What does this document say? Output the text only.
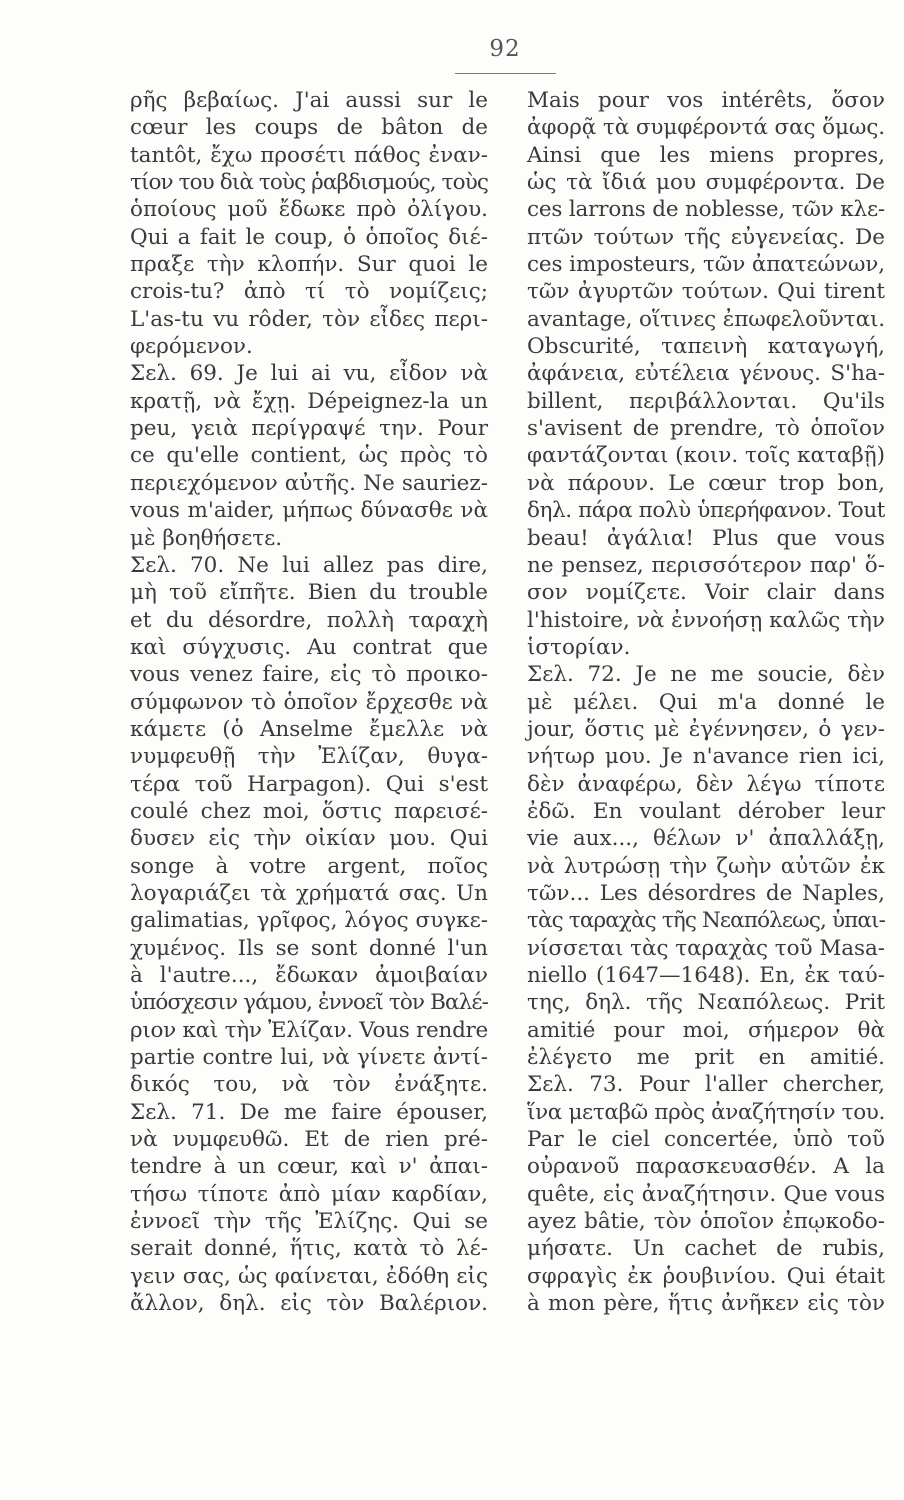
92
ρῆς βεβαίως. J'ai aussi sur le
cœur les coups de bâton de
tantôt, ἔχω προσέτι πάθος ἐναν-
τίον του διὰ τοὺς ῥαβδισμούς, τοὺς
ὁποίους μοῦ ἔδωκε πρὸ ὀλίγου.
Qui a fait le coup, ὁ ὁποῖος διέ-
πραξε τὴν κλοπήν. Sur quoi le
crois-tu? ἀπὸ τί τὸ νομίζεις;
L'as-tu vu rôder, τὸν εἶδες περι-
φερόμενον.
Σελ. 69. Je lui ai vu, εἶδον νὰ
κρατῇ, νὰ ἔχῃ. Dépeignez-la un
peu, γειὰ περίγραψέ την. Pour
ce qu'elle contient, ὡς πρὸς τὸ
περιεχόμενον αὐτῆς. Ne sauriez-
vous m'aider, μήπως δύνασθε νὰ
μὲ βοηθήσετε.
Σελ. 70. Ne lui allez pas dire,
μὴ τοῦ εἴπῆτε. Bien du trouble
et du désordre, πολλὴ ταραχὴ
καὶ σύγχυσις. Au contrat que
vous venez faire, εἰς τὸ προικο-
σύμφωνον τὸ ὁποῖον ἔρχεσθε νὰ
κάμετε (ὁ Anselme ἔμελλε νὰ
νυμφευθῇ τὴν Ἐλίζαν, θυγα-
τέρα τοῦ Harpagon). Qui s'est
coulé chez moi, ὅστις παρεισέ-
δυσεν εἰς τὴν οἰκίαν μου. Qui
songe à votre argent, ποῖος
λογαριάζει τὰ χρήματά σας. Un
galimatias, γρῖφος, λόγος συγκε-
χυμένος. Ils se sont donné l'un
à l'autre..., ἔδωκαν ἀμοιβαίαν
ὑπόσχεσιν γάμου, ἐννοεῖ τὸν Βαλέ-
ριον καὶ τὴν Ἐλίζαν. Vous rendre
partie contre lui, νὰ γίνετε ἀντί-
δικός του, νὰ τὸν ἐνάξητε.
Σελ. 71. De me faire épouser,
νὰ νυμφευθῶ. Et de rien pré-
tendre à un cœur, καὶ ν' ἀπαι-
τήσω τίποτε ἀπὸ μίαν καρδίαν,
ἐννοεῖ τὴν τῆς Ἐλίζης. Qui se
serait donné, ἥτις, κατὰ τὸ λέ-
γειν σας, ὡς φαίνεται, ἐδόθη εἰς
ἄλλον, δηλ. εἰς τὸν Βαλέριον.
Mais pour vos intérêts, ὅσον
ἀφορᾷ τὰ συμφέροντά σας ὅμως.
Ainsi que les miens propres,
ὡς τὰ ἴδιά μου συμφέροντα. De
ces larrons de noblesse, τῶν κλε-
πτῶν τούτων τῆς εὐγενείας. De
ces imposteurs, τῶν ἀπατεώνων,
τῶν ἀγυρτῶν τούτων. Qui tirent
avantage, οἵτινες ἐπωφελοῦνται.
Obscurité, ταπεινὴ καταγωγή,
ἀφάνεια, εὐτέλεια γένους. S'ha-
billent, περιβάλλονται. Qu'ils
s'avisent de prendre, τὸ ὁποῖον
φαντάζονται (κοιν. τοῖς καταβῇ)
νὰ πάρουν. Le cœur trop bon,
δηλ. πάρα πολὺ ὑπερήφανον. Tout
beau! ἀγάλια! Plus que vous
ne pensez, περισσότερον παρ' ὅ-
σον νομίζετε. Voir clair dans
l'histoire, νὰ ἐννοήσῃ καλῶς τὴν
ἱστορίαν.
Σελ. 72. Je ne me soucie, δὲν
μὲ μέλει. Qui m'a donné le
jour, ὅστις μὲ ἐγέννησεν, ὁ γεν-
νήτωρ μου. Je n'avance rien ici,
δὲν ἀναφέρω, δὲν λέγω τίποτε
ἐδῶ. En voulant dérober leur
vie aux..., θέλων ν' ἀπαλλάξῃ,
νὰ λυτρώσῃ τὴν ζωὴν αὐτῶν ἐκ
τῶν... Les désordres de Naples,
τὰς ταραχὰς τῆς Νεαπόλεως, ὑπαι-
νίσσεται τὰς ταραχὰς τοῦ Masa-
niello (1647—1648). En, ἐκ ταύ-
της, δηλ. τῆς Νεαπόλεως. Prit
amitié pour moi, σήμερον θὰ
ἐλέγετο me prit en amitié.
Σελ. 73. Pour l'aller chercher,
ἵνα μεταβῶ πρὸς ἀναζήτησίν του.
Par le ciel concertée, ὑπὸ τοῦ
οὐρανοῦ παρασκευασθέν. A la
quête, εἰς ἀναζήτησιν. Que vous
ayez bâtie, τὸν ὁποῖον ἐπῳκοδο-
μήσατε. Un cachet de rubis,
σφραγὶς ἐκ ῥουβινίου. Qui était
à mon père, ἥτις ἀνῆκεν εἰς τὸν
